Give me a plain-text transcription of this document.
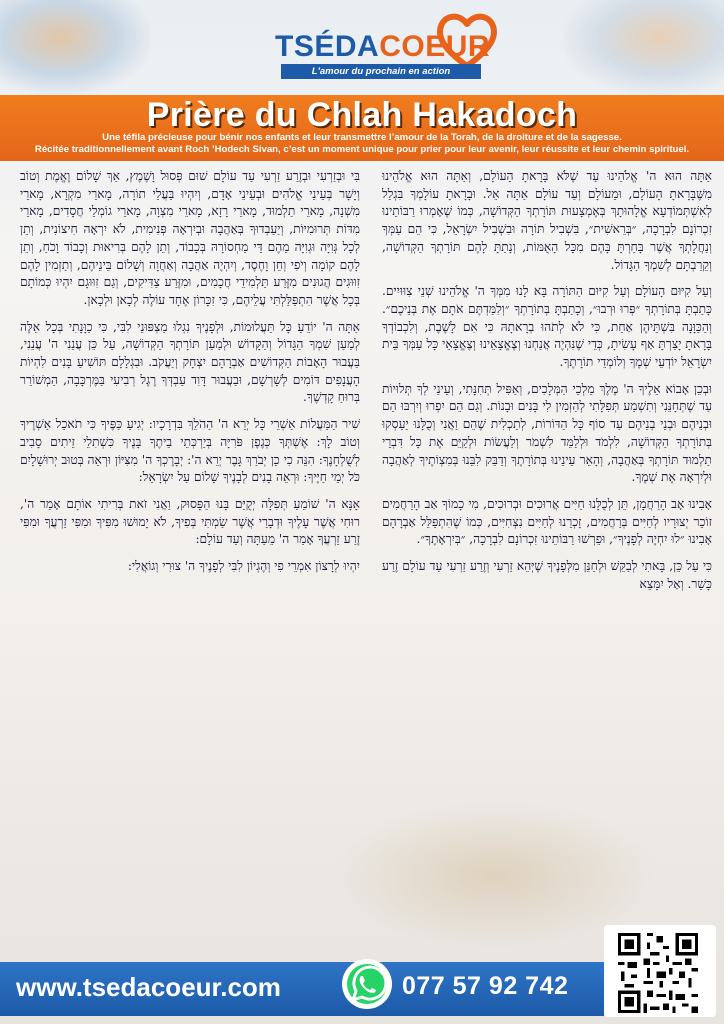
TSÉDACOEUR
L'amour du prochain en action
Prière du Chlah Hakadoch
Une téfila précieuse pour bénir nos enfants et leur transmettre l’amour de la Torah, de la droiture et de la sagesse.
Récitée traditionnellement avant Roch ’Hodech Sivan, c’est un moment unique pour prier pour leur avenir, leur réussite et leur chemin spirituel.

אַתָּה הוּא ה' אֱלֹהֵינוּ עַד שֶׁלֹּא בָּרָאתָ הָעוֹלָם, וְאַתָּה הוּא אֱלֹהֵינוּ מִשֶּׁבָּרָאתָ הָעוֹלָם, וּמֵעוֹלָם וְעַד עוֹלָם אַתָּה אֵל. וּבָרָאתָ עוֹלָמְךָ בִּגְלַל לְאִשְׁתְּמוֹדְעָא אֱלָהוּתָךְ בְּאֶמְצָעוּת תּוֹרָתְךָ הַקְּדוֹשָׁה, כְּמוֹ שֶׁאָמְרוּ רַבּוֹתֵינוּ זִכְרוֹנָם לִבְרָכָה, ״בְּרֵאשִׁית״, בִּשְׁבִיל תּוֹרָה וּבִשְׁבִיל יִשְׂרָאֵל, כִּי הֵם עַמְּךָ וְנַחֲלָתְךָ אֲשֶׁר בָּחַרְתָּ בָּהֶם מִכָּל הָאֻמּוֹת, וְנָתַתָּ לָהֶם תּוֹרָתְךָ הַקְּדוֹשָׁה, וְקֵרַבְתָּם לְשִׁמְךָ הַגָּדוֹל.

וְעַל קִיּוּם הָעוֹלָם וְעַל קִיּוּם הַתּוֹרָה בָּא לָנוּ מִמְּךָ ה' אֱלֹהֵינוּ שְׁנֵי צִוּוּיִים. כָּתַבְתָּ בְּתוֹרָתְךָ ״פְּרוּ וּרְבוּ״, וְכָתַבְתָּ בְּתוֹרָתְךָ ״וְלִמַּדְתֶּם אֹתָם אֶת בְּנֵיכֶם״. וְהַכַּוָּנָה בִּשְׁתֵּיהֶן אַחַת, כִּי לֹא לְתֹהוּ בְרָאתָהּ כִּי אִם לָשֶׁבֶת, וְלִכְבוֹדְךָ בָּרָאתָ יָצַרְתָּ אַף עָשִׂיתָ, כְּדֵי שֶׁנִּהְיֶה אֲנַחְנוּ וְצֶאֱצָאֵינוּ וְצֶאֱצָאֵי כָּל עַמְּךָ בֵּית יִשְׂרָאֵל יוֹדְעֵי שְׁמֶךָ וְלוֹמְדֵי תוֹרָתֶךָ.

וּבְכֵן אָבוֹא אֵלֶיךָ ה' מֶלֶךְ מַלְכֵי הַמְּלָכִים, וְאַפִּיל תְּחִנָּתִי, וְעֵינַי לְךָ תְּלוּיוֹת עַד שֶׁתְּחָנֵּנִי וְתִשְׁמַע תְּפִלָּתִי לְהַזְמִין לִי בָּנִים וּבָנוֹת. וְגַם הֵם יִפְרוּ וְיִרְבּוּ הֵם וּבְנֵיהֶם וּבְנֵי בְנֵיהֶם עַד סוֹף כָּל הַדּוֹרוֹת, לְתַכְלִית שֶׁהֵם וַאֲנִי וְכֻלָּנוּ יַעַסְקוּ בְּתוֹרָתְךָ הַקְּדוֹשָׁה, לִלְמֹד וּלְלַמֵּד לִשְׁמֹר וְלַעֲשׂוֹת וּלְקַיֵּם אֶת כָּל דִּבְרֵי תַלְמוּד תּוֹרָתְךָ בְּאַהֲבָה, וְהָאֵר עֵינֵינוּ בְּתוֹרָתֶךָ וְדַבֵּק לִבֵּנוּ בְּמִצְוֹתֶיךָ לְאַהֲבָה וּלְיִרְאָה אֶת שְׁמֶךָ.

אָבִינוּ אָב הָרַחֲמָן, תֵּן לְכֻלָּנוּ חַיִּים אֲרוּכִים וּבְרוּכִים, מִי כָמוֹךָ אַב הָרַחֲמִים זוֹכֵר יְצוּרָיו לְחַיִּים בְּרַחֲמִים, זָכְרֵנוּ לְחַיִּים נִצְחִיִּים, כְּמוֹ שֶׁהִתְפַּלֵּל אַבְרָהָם אָבִינוּ ״לוּ יִחְיֶה לְפָנֶיךָ״, וּפֵרְשׁוּ רַבּוֹתֵינוּ זִכְרוֹנָם לִבְרָכָה, ״בְּיִרְאָתֶךָ״.

כִּי עַל כֵּן, בָּאתִי לְבַקֵּשׁ וּלְחַנֵּן מִלְּפָנֶיךָ שֶׁיְּהֵא זַרְעִי וְזֶרַע זַרְעִי עַד עוֹלָם זֶרַע כָּשֵׁר. וְאַל יִמָּצֵא

בִּי וּבְזַרְעִי וּבְזֶרַע זַרְעִי עַד עוֹלָם שׁוּם פְּסוּל וָשֶׁמֶץ, אַךְ שָׁלוֹם וֶאֱמֶת וְטוֹב וְיָשָׁר בְּעֵינֵי אֱלֹהִים וּבְעֵינֵי אָדָם, וְיִהְיוּ בַּעֲלֵי תוֹרָה, מָארֵי מִקְרָא, מָארֵי מִשְׁנָה, מָארֵי תַלְמוּד, מָארֵי רָזָא, מָארֵי מִצְוָה, מָארֵי גוֹמְלֵי חֲסָדִים, מָארֵי מִדּוֹת תְּרוּמִיּוֹת, וְיַעַבְדוּךָ בְּאַהֲבָה וּבְיִרְאָה פְּנִימִית, לֹא יִרְאָה חִיצוֹנִית, וְתֵן לְכָל גְּוִיָּה וּגְוִיָּה מֵהֶם דֵּי מַחְסוֹרָהּ בְּכָבוֹד, וְתֵן לָהֶם בְּרִיאוּת וְכָבוֹד וָכֹחַ, וְתֵן לָהֶם קוֹמָה וְיֹפִי וְחֵן וָחֶסֶד, וְיִהְיֶה אַהֲבָה וְאַחֲוָה וְשָׁלוֹם בֵּינֵיהֶם, וְתַזְמִין לָהֶם זִוּוּגִים הֲגוּנִים מִזֶּרַע תַּלְמִידֵי חֲכָמִים, וּמִזֶּרַע צַדִּיקִים, וְגַם זִוּוּגָם יִהְיוּ כְּמוֹתָם בְּכָל אֲשֶׁר הִתְפַּלַּלְתִּי עֲלֵיהֶם, כִּי זִכָּרוֹן אֶחָד עוֹלֶה לְכָאן וּלְכָאן.

אַתָּה ה' יוֹדֵעַ כָּל תַּעֲלוּמוֹת, וּלְפָנֶיךָ נִגְלוּ מַצְפּוּנֵי לִבִּי, כִּי כַוָּנָתִי בְּכָל אֵלֶּה לְמַעַן שִׁמְךָ הַגָּדוֹל וְהַקָּדוֹשׁ וּלְמַעַן תּוֹרָתְךָ הַקְּדוֹשָׁה, עַל כֵּן עֲנֵנִי ה' עֲנֵנִי, בַּעֲבוּר הָאָבוֹת הַקְּדוֹשִׁים אַבְרָהָם יִצְחָק וְיַעֲקֹב. וּבִגְלָלָם תּוֹשִׁיעַ בָּנִים לִהְיוֹת הָעֲנָפִים דּוֹמִים לְשָׁרְשָׁם, וּבַעֲבוּר דָּוִד עַבְדְּךָ רֶגֶל רְבִיעִי בַּמֶּרְכָּבָה, הַמְשׁוֹרֵר בְּרוּחַ קָדְשֶׁךָ.

שִׁיר הַמַּעֲלוֹת אַשְׁרֵי כָּל יְרֵא ה' הַהֹלֵךְ בִּדְרָכָיו: יְגִיעַ כַּפֶּיךָ כִּי תֹאכֵל אַשְׁרֶיךָ וְטוֹב לָךְ: אֶשְׁתְּךָ כְּגֶפֶן פֹּרִיָּה בְּיַרְכְּתֵי בֵיתֶךָ בָּנֶיךָ כִּשְׁתִלֵי זֵיתִים סָבִיב לְשֻׁלְחָנֶךָ: הִנֵּה כִי כֵן יְבֹרַךְ גָּבֶר יְרֵא ה': יְבָרֶכְךָ ה' מִצִּיּוֹן וּרְאֵה בְּטוּב יְרוּשָׁלָיִם כֹּל יְמֵי חַיֶּיךָ: וּרְאֵה בָנִים לְבָנֶיךָ שָׁלוֹם עַל יִשְׂרָאֵל:

אָנָּא ה' שׁוֹמֵעַ תְּפִלָּה יְקֻיַּם בָּנוּ הַפָּסוּק, וַאֲנִי זֹאת בְּרִיתִי אוֹתָם אָמַר ה', רוּחִי אֲשֶׁר עָלֶיךָ וּדְבָרַי אֲשֶׁר שַׂמְתִּי בְּפִיךָ, לֹא יָמוּשׁוּ מִפִּיךָ וּמִפִּי זַרְעֲךָ וּמִפִּי זֶרַע זַרְעֲךָ אָמַר ה' מֵעַתָּה וְעַד עוֹלָם:

יִהְיוּ לְרָצוֹן אִמְרֵי פִי וְהֶגְיוֹן לִבִּי לְפָנֶיךָ ה' צוּרִי וְגוֹאֲלִי:

www.tsedacoeur.com	077 57 92 742
